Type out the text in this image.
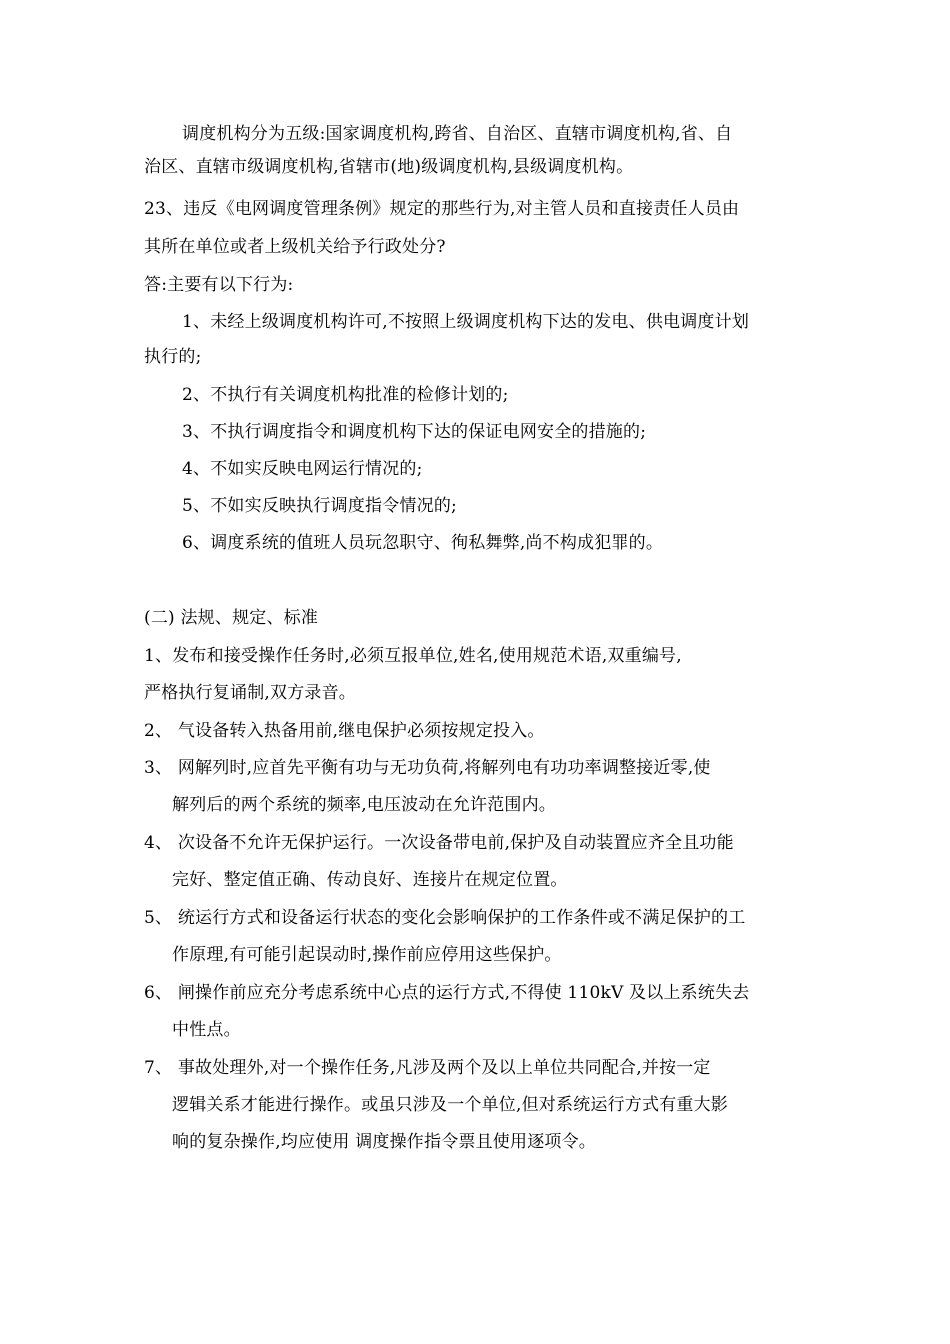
调度机构分为五级:国家调度机构,跨省、自治区、直辖市调度机构,省、自
治区、直辖市级调度机构,省辖市(地)级调度机构,县级调度机构。
23、违反《电网调度管理条例》规定的那些行为,对主管人员和直接责任人员由
其所在单位或者上级机关给予行政处分?
答:主要有以下行为:
1、未经上级调度机构许可,不按照上级调度机构下达的发电、供电调度计划
执行的;
2、不执行有关调度机构批准的检修计划的;
3、不执行调度指令和调度机构下达的保证电网安全的措施的;
4、不如实反映电网运行情况的;
5、不如实反映执行调度指令情况的;
6、调度系统的值班人员玩忽职守、徇私舞弊,尚不构成犯罪的。
(二) 法规、规定、标准
1、发布和接受操作任务时,必须互报单位,姓名,使用规范术语,双重编号,
严格执行复诵制,双方录音。
2、 气设备转入热备用前,继电保护必须按规定投入。
3、 网解列时,应首先平衡有功与无功负荷,将解列电有功功率调整接近零,使
解列后的两个系统的频率,电压波动在允许范围内。
4、 次设备不允许无保护运行。一次设备带电前,保护及自动装置应齐全且功能
完好、整定值正确、传动良好、连接片在规定位置。
5、 统运行方式和设备运行状态的变化会影响保护的工作条件或不满足保护的工
作原理,有可能引起误动时,操作前应停用这些保护。
6、 闸操作前应充分考虑系统中心点的运行方式,不得使 110kV 及以上系统失去
中性点。
7、 事故处理外,对一个操作任务,凡涉及两个及以上单位共同配合,并按一定
逻辑关系才能进行操作。或虽只涉及一个单位,但对系统运行方式有重大影
响的复杂操作,均应使用 调度操作指令票且使用逐项令。
